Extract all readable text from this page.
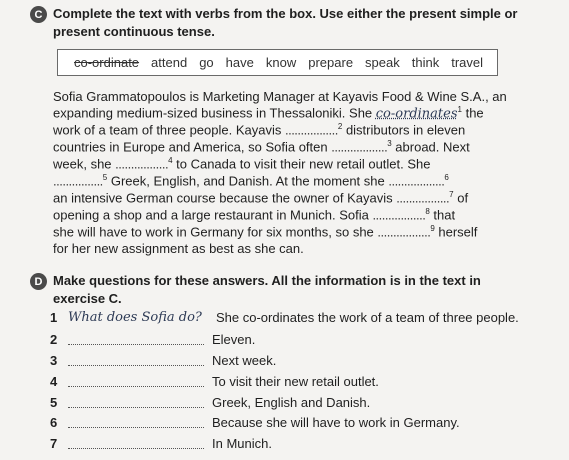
C Complete the text with verbs from the box. Use either the present simple or present continuous tense.
co-ordinate attend go have know prepare speak think travel
Sofia Grammatopoulos is Marketing Manager at Kayavis Food & Wine S.A., an
expanding medium-sized business in Thessaloniki. She co-ordinates$^1$ the
work of a team of three people. Kayavis .................$^2$ distributors in eleven
countries in Europe and America, so Sofia often ..................$^3$ abroad. Next
week, she .................$^4$ to Canada to visit their new retail outlet. She
................$^5$ Greek, English, and Danish. At the moment she ..................$^6$
an intensive German course because the owner of Kayavis .................$^7$ of
opening a shop and a large restaurant in Munich. Sofia .................$^8$ that
she will have to work in Germany for six months, so she .................$^9$ herself
for her new assignment as best as she can.
D Make questions for these answers. All the information is in the text in exercise C.
1 What does Sofia do?	She co-ordinates the work of a team of three people.
2	Eleven.
3	Next week.
4	To visit their new retail outlet.
5	Greek, English and Danish.
6	Because she will have to work in Germany.
7	In Munich.
